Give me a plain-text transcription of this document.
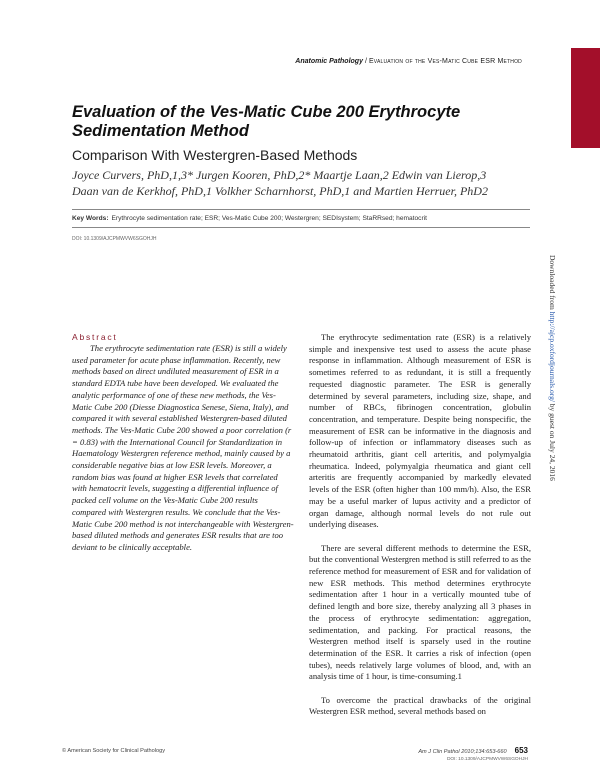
Anatomic Pathology / Evaluation of the Ves-Matic Cube ESR Method
Evaluation of the Ves-Matic Cube 200 Erythrocyte Sedimentation Method
Comparison With Westergren-Based Methods
Joyce Curvers, PhD,1,3* Jurgen Kooren, PhD,2* Maartje Laan,2 Edwin van Lierop,3
Daan van de Kerkhof, PhD,1 Volkher Scharnhorst, PhD,1 and Martien Herruer, PhD2
Key Words: Erythrocyte sedimentation rate; ESR; Ves-Matic Cube 200; Westergren; SEDIsystem; StaRRsed; hematocrit
DOI: 10.1309/AJCPMWVW6SGOHJH
Downloaded from http://ajcp.oxfordjournals.org/ by guest on July 24, 2016
Abstract
The erythrocyte sedimentation rate (ESR) is still a widely used parameter for acute phase inflammation. Recently, new methods based on direct undiluted measurement of ESR in a standard EDTA tube have been developed. We evaluated the analytic performance of one of these new methods, the Ves-Matic Cube 200 (Diesse Diagnostica Senese, Siena, Italy), and compared it with several established Westergren-based diluted methods. The Ves-Matic Cube 200 showed a poor correlation (r = 0.83) with the International Council for Standardization in Haematology Westergren reference method, mainly caused by a considerable negative bias at low ESR levels. Moreover, a random bias was found at higher ESR levels that correlated with hematocrit levels, suggesting a differential influence of packed cell volume on the Ves-Matic Cube 200 results compared with Westergren results. We conclude that the Ves-Matic Cube 200 method is not interchangeable with Westergren-based diluted methods and generates ESR results that are too deviant to be clinically acceptable.

The erythrocyte sedimentation rate (ESR) is a relatively simple and inexpensive test used to assess the acute phase response in inflammation. Although measurement of ESR is sometimes referred to as redundant, it is still a frequently requested diagnostic parameter. The ESR is generally determined by several parameters, including size, shape, and number of RBCs, fibrinogen concentration, globulin concentration, and temperature. Despite being nonspecific, the measurement of ESR can be informative in the diagnosis and follow-up of infection or inflammatory diseases such as rheumatoid arthritis, giant cell arteritis, and polymyalgia rheumatica. Indeed, polymyalgia rheumatica and giant cell arteritis are frequently accompanied by markedly elevated levels of the ESR (often higher than 100 mm/h). Also, the ESR may be a useful marker of lupus activity and a predictor of organ damage, although normal levels do not rule out underlying diseases.

There are several different methods to determine the ESR, but the conventional Westergren method is still referred to as the reference method for measurement of ESR and for validation of new ESR methods. This method determines erythrocyte sedimentation after 1 hour in a vertically mounted tube of defined length and bore size, thereby analyzing all 3 phases in the process of erythrocyte sedimentation: aggregation, sedimentation, and packing. For practical reasons, the Westergren method itself is sparsely used in the routine determination of the ESR. It carries a risk of infection (open tubes), needs relatively large volumes of blood, and, with an analysis time of 1 hour, is time-consuming.1

To overcome the practical drawbacks of the original Westergren ESR method, several methods based on

© American Society for Clinical Pathology	Am J Clin Pathol 2010;134:653-660 653
DOI: 10.1309/AJCPMWVW6SGOHJH
